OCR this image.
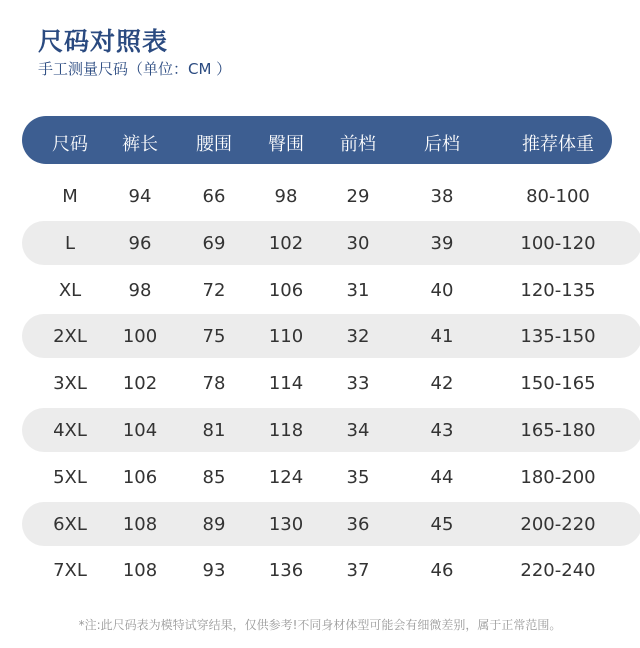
尺码对照表
手工测量尺码（单位：CM ）
尺码	裤长	腰围	臀围	前档	后档	推荐体重
M	94	66	98	29	38	80-100
L	96	69	102	30	39	100-120
XL	98	72	106	31	40	120-135
2XL	100	75	110	32	41	135-150
3XL	102	78	114	33	42	150-165
4XL	104	81	118	34	43	165-180
5XL	106	85	124	35	44	180-200
6XL	108	89	130	36	45	200-220
7XL	108	93	136	37	46	220-240
*注:此尺码表为模特试穿结果，仅供参考!不同身材体型可能会有细微差别，属于正常范围。
